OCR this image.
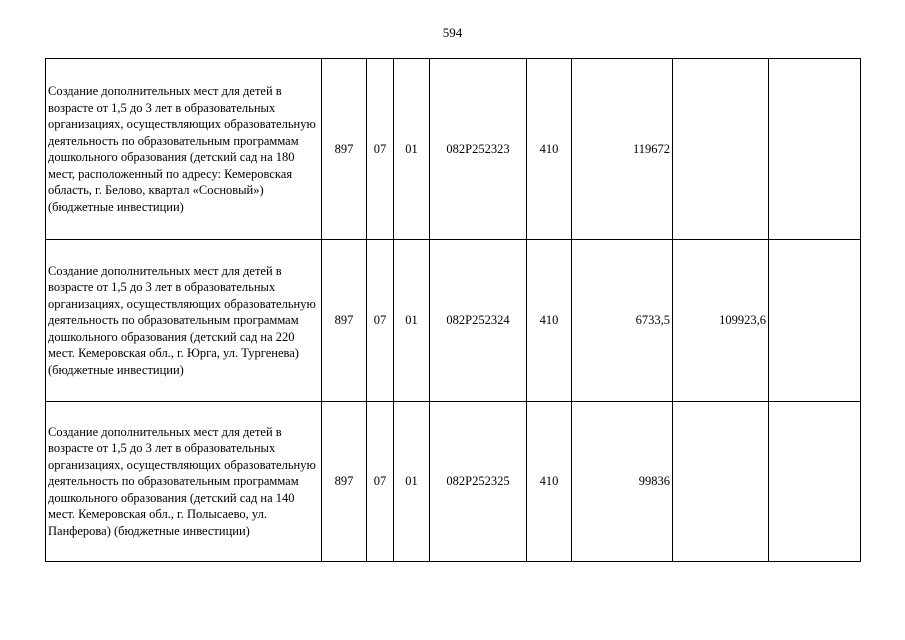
594
Создание дополнительных мест для детей в возрасте от 1,5 до 3 лет в образовательных организациях, осуществляющих образовательную деятельность по образовательным программам дошкольного образования (детский сад на 180 мест, расположенный по адресу: Кемеровская область, г. Белово, квартал «Сосновый») (бюджетные инвестиции)	897	07	01	082P252323	410	119672		
Создание дополнительных мест для детей в возрасте от 1,5 до 3 лет в образовательных организациях, осуществляющих образовательную деятельность по образовательным программам дошкольного образования (детский сад на 220 мест. Кемеровская обл., г. Юрга, ул. Тургенева) (бюджетные инвестиции)	897	07	01	082P252324	410	6733,5	109923,6	
Создание дополнительных мест для детей в возрасте от 1,5 до 3 лет в образовательных организациях, осуществляющих образовательную деятельность по образовательным программам дошкольного образования (детский сад на 140 мест. Кемеровская обл., г. Полысаево, ул. Панферова) (бюджетные инвестиции)	897	07	01	082P252325	410	99836		
